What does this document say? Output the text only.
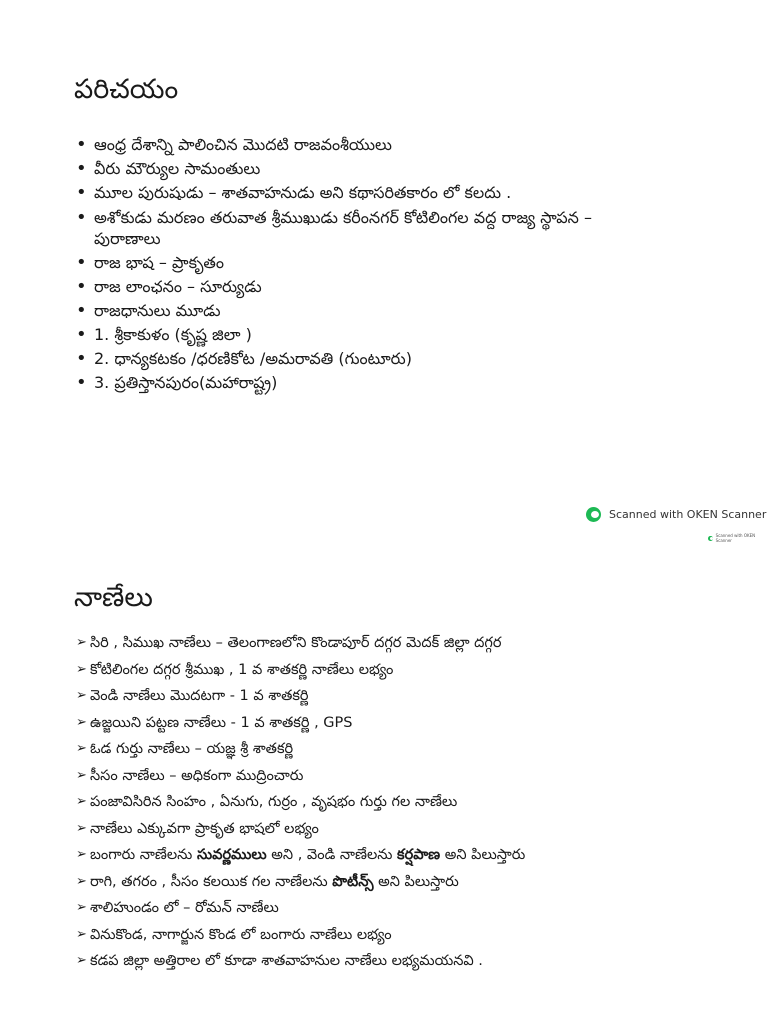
పరిచయం
• ఆంధ్ర దేశాన్ని పాలించిన మొదటి రాజవంశీయులు
• వీరు మౌర్యుల సామంతులు
• మూల పురుషుడు – శాతవాహనుడు అని కథాసరితకారం లో కలదు .
• అశోకుడు మరణం తరువాత శ్రీముఖుడు కరీంనగర్ కోటిలింగల వద్ద రాజ్య స్థాపన –పురాణాలు
• రాజ భాష – ప్రాకృతం
• రాజ లాంఛనం – సూర్యుడు
• రాజధానులు మూడు
• 1. శ్రీకాకుళం (కృష్ణ జిలా )
• 2. ధాన్యకటకం /ధరణికోట /అమరావతి (గుంటూరు)
• 3. ప్రతిస్తానపురం(మహారాష్ట్ర)
Scanned with OKEN Scanner
Scanned with OKEN Scanner
నాణేలు
➢ సిరి , సిముఖ నాణేలు – తెలంగాణలోని కొండాపూర్ దగ్గర మెదక్ జిల్లా దగ్గర
➢ కోటిలింగల దగ్గర శ్రీముఖ , 1 వ శాతకర్ణి నాణేలు లభ్యం
➢ వెండి నాణేలు మొదటగా - 1 వ శాతకర్ణి
➢ ఉజ్జయిని పట్టణ నాణేలు - 1 వ శాతకర్ణి , GPS
➢ ఓడ గుర్తు నాణేలు – యజ్ఞ శ్రీ శాతకర్ణి
➢ సీసం నాణేలు – అధికంగా ముద్రించారు
➢ పంజావిసిరిన సింహం , ఏనుగు, గుర్రం , వృషభం గుర్తు గల నాణేలు
➢ నాణేలు ఎక్కువగా ప్రాకృత భాషలో లభ్యం
➢ బంగారు నాణేలను సువర్ణములు అని , వెండి నాణేలను కర్షపాణ అని పిలుస్తారు
➢ రాగి, తగరం , సీసం కలయిక గల నాణేలను పొటీన్స్ అని పిలుస్తారు
➢ శాలిహుండం లో – రోమన్ నాణేలు
➢ వినుకొండ, నాగార్జున కొండ లో బంగారు నాణేలు లభ్యం
➢ కడప జిల్లా అత్తిరాల లో కూడా శాతవాహనుల నాణేలు లభ్యమయనవి .
